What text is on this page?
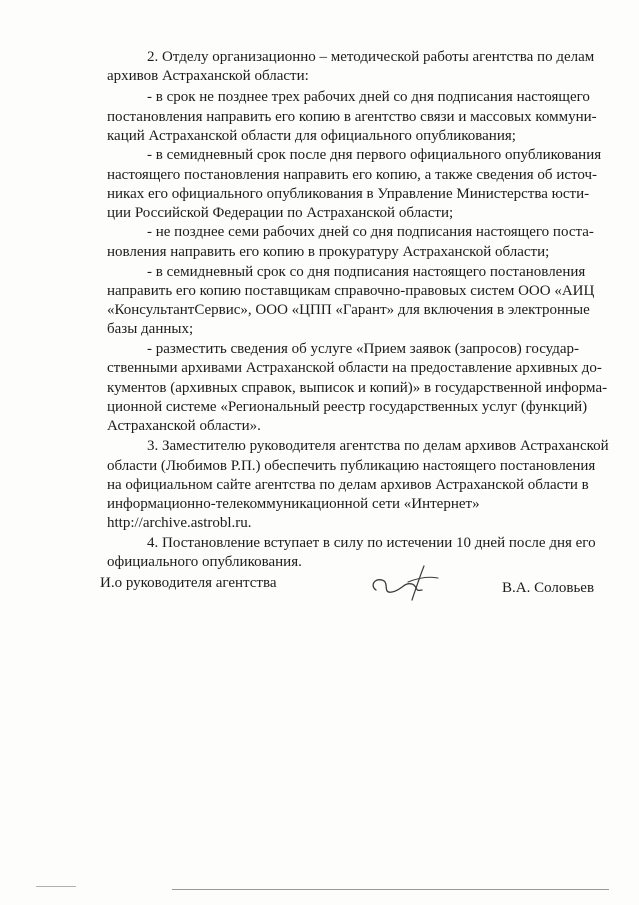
2. Отделу организационно – методической работы агентства по делам
архивов Астраханской области:
- в срок не позднее трех рабочих дней со дня подписания настоящего
постановления направить его копию в агентство связи и массовых коммуни-
каций Астраханской области для официального опубликования;
- в семидневный срок после дня первого официального опубликования
настоящего постановления направить его копию, а также сведения об источ-
никах его официального опубликования в Управление Министерства юсти-
ции Российской Федерации по Астраханской области;
- не позднее семи рабочих дней со дня подписания настоящего поста-
новления направить его копию в прокуратуру Астраханской области;
- в семидневный срок со дня подписания настоящего постановления
направить его копию поставщикам справочно-правовых систем ООО «АИЦ
«КонсультантСервис», ООО «ЦПП «Гарант» для включения в электронные
базы данных;
- разместить сведения об услуге «Прием заявок (запросов) государ-
ственными архивами Астраханской области на предоставление архивных до-
кументов (архивных справок, выписок и копий)» в государственной информа-
ционной системе «Региональный реестр государственных услуг (функций)
Астраханской области».
3. Заместителю руководителя агентства по делам архивов Астраханской
области (Любимов Р.П.) обеспечить публикацию настоящего постановления
на официальном сайте агентства по делам архивов Астраханской области в
информационно-телекоммуникационной сети «Интернет»
http://archive.astrobl.ru.
4. Постановление вступает в силу по истечении 10 дней после дня его
официального опубликования.
И.о руководителя агентства	В.А. Соловьев
